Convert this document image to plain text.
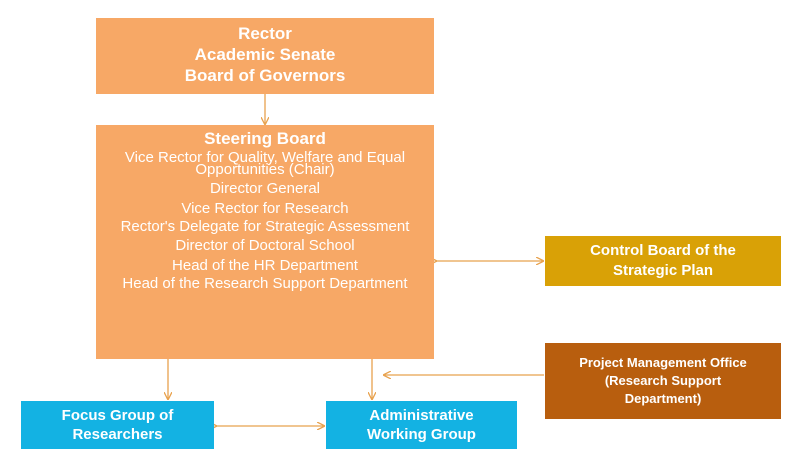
Rector
Academic Senate
Board of Governors
Steering Board
Vice Rector for Quality, Welfare and Equal Opportunities (Chair)
Director General
Vice Rector for Research
Rector's Delegate for Strategic Assessment
Director of Doctoral School
Head of the HR Department
Head of the Research Support Department
Control Board of the
Strategic Plan
Project Management Office
(Research Support
Department)
Focus Group of
Researchers
Administrative
Working Group
